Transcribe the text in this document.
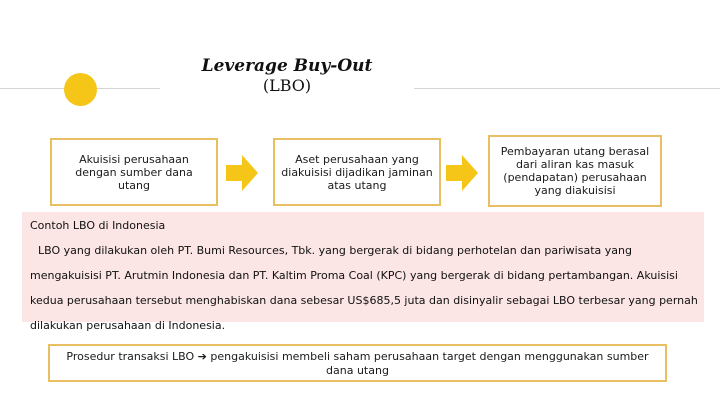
Leverage Buy-Out
(LBO)
Akuisisi perusahaan dengan sumber dana utang
Aset perusahaan yang diakuisisi dijadikan jaminan atas utang
Pembayaran utang berasal dari aliran kas masuk (pendapatan) perusahaan yang diakuisisi
Contoh LBO di Indonesia
LBO yang dilakukan oleh PT. Bumi Resources, Tbk. yang bergerak di bidang perhotelan dan pariwisata yang mengakuisisi PT. Arutmin Indonesia dan PT. Kaltim Proma Coal (KPC) yang bergerak di bidang pertambangan. Akuisisi kedua perusahaan tersebut menghabiskan dana sebesar US$685,5 juta dan disinyalir sebagai LBO terbesar yang pernah dilakukan perusahaan di Indonesia.
Prosedur transaksi LBO ➔ pengakuisisi membeli saham perusahaan target dengan menggunakan sumber dana utang
